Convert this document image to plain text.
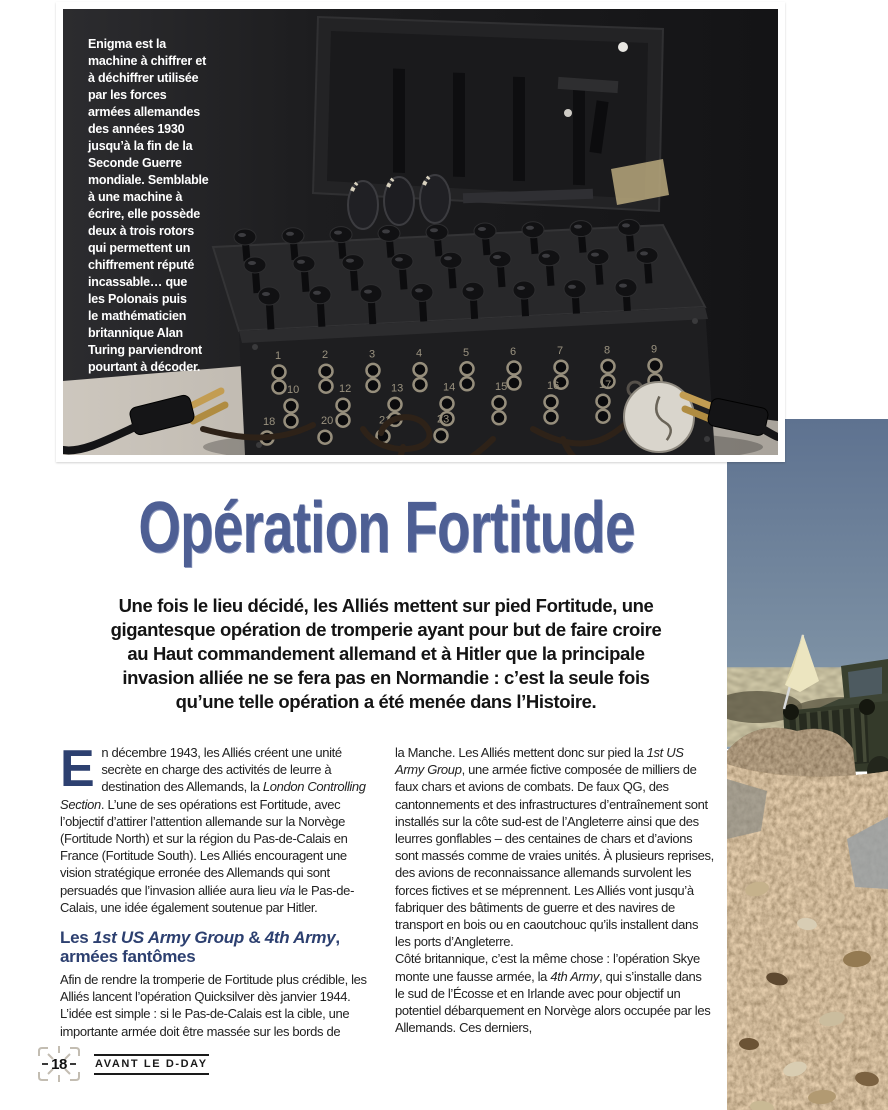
1	2	3	4	5	6	7	8	9
10	12	13	14	15	16	17
18	20	21	23
Enigma est la
machine à chiffrer et
à déchiffrer utilisée
par les forces
armées allemandes
des années 1930
jusqu’à la fin de la
Seconde Guerre
mondiale. Semblable
à une machine à
écrire, elle possède
deux à trois rotors
qui permettent un
chiffrement réputé
incassable… que
les Polonais puis
le mathématicien
britannique Alan
Turing parviendront
pourtant à décoder.
Opération Fortitude
Une fois le lieu décidé, les Alliés mettent sur pied Fortitude, une
gigantesque opération de tromperie ayant pour but de faire croire
au Haut commandement allemand et à Hitler que la principale
invasion alliée ne se fera pas en Normandie : c’est la seule fois
qu’une telle opération a été menée dans l’Histoire.

En décembre 1943, les Alliés créent une unité secrète en charge des activités de leurre à destination des Allemands, la London Controlling Section. L’une de ses opérations est Fortitude, avec l’objectif d’attirer l’attention allemande sur la Norvège (Fortitude North) et sur la région du Pas-de-Calais en France (Fortitude South). Les Alliés encouragent une vision stratégique erronée des Allemands qui sont persuadés que l’invasion alliée aura lieu via le Pas-de-Calais, une idée également soutenue par Hitler.

Les 1st US Army Group & 4th Army, armées fantômes

Afin de rendre la tromperie de Fortitude plus crédible, les Alliés lancent l’opération Quicksilver dès janvier 1944. L’idée est simple : si le Pas-de-Calais est la cible, une importante armée doit être massée sur les bords de

la Manche. Les Alliés mettent donc sur pied la 1st US Army Group, une armée fictive composée de milliers de faux chars et avions de combats. De faux QG, des cantonnements et des infrastructures d’entraînement sont installés sur la côte sud-est de l’Angleterre ainsi que des leurres gonflables – des centaines de chars et d’avions sont massés comme de vraies unités. À plusieurs reprises, des avions de reconnaissance allemands survolent les forces fictives et se méprennent. Les Alliés vont jusqu’à fabriquer des bâtiments de guerre et des navires de transport en bois ou en caoutchouc qu’ils installent dans les ports d’Angleterre.

Côté britannique, c’est la même chose : l’opération Skye monte une fausse armée, la 4th Army, qui s’installe dans le sud de l’Écosse et en Irlande avec pour objectif un potentiel débarquement en Norvège alors occupée par les Allemands. Ces derniers,

18	AVANT LE D-DAY
